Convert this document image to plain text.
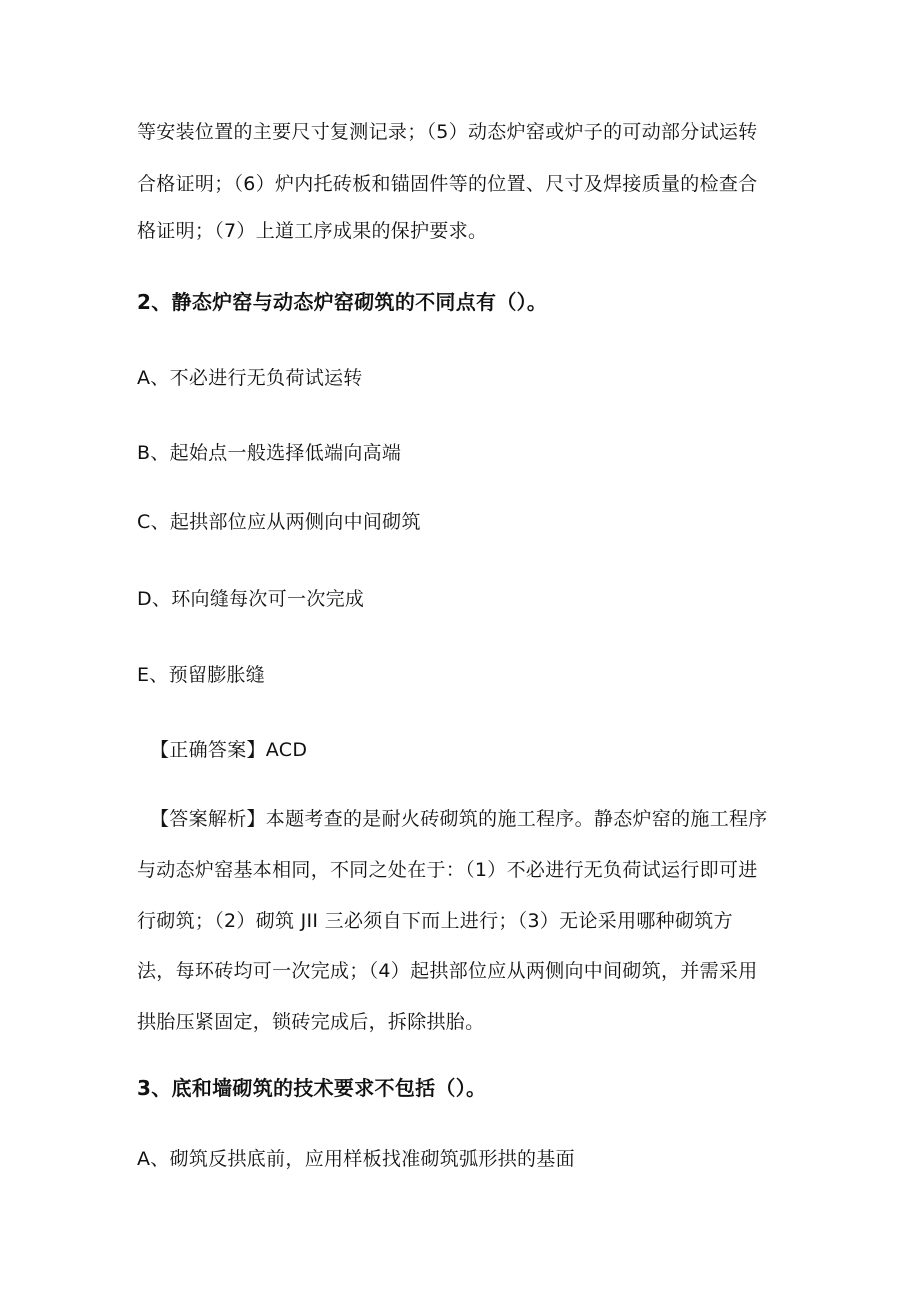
等安装位置的主要尺寸复测记录；（5）动态炉窑或炉子的可动部分试运转
合格证明；（6）炉内托砖板和锚固件等的位置、尺寸及焊接质量的检查合
格证明；（7）上道工序成果的保护要求。
2、静态炉窑与动态炉窑砌筑的不同点有（）。
A、不必进行无负荷试运转
B、起始点一般选择低端向高端
C、起拱部位应从两侧向中间砌筑
D、环向缝每次可一次完成
E、预留膨胀缝
【正确答案】ACD
【答案解析】本题考查的是耐火砖砌筑的施工程序。静态炉窑的施工程序
与动态炉窑基本相同，不同之处在于：（1）不必进行无负荷试运行即可进
行砌筑；（2）砌筑 JII 三必须自下而上进行；（3）无论采用哪种砌筑方
法，每环砖均可一次完成；（4）起拱部位应从两侧向中间砌筑，并需采用
拱胎压紧固定，锁砖完成后，拆除拱胎。
3、底和墙砌筑的技术要求不包括（）。
A、砌筑反拱底前，应用样板找准砌筑弧形拱的基面
